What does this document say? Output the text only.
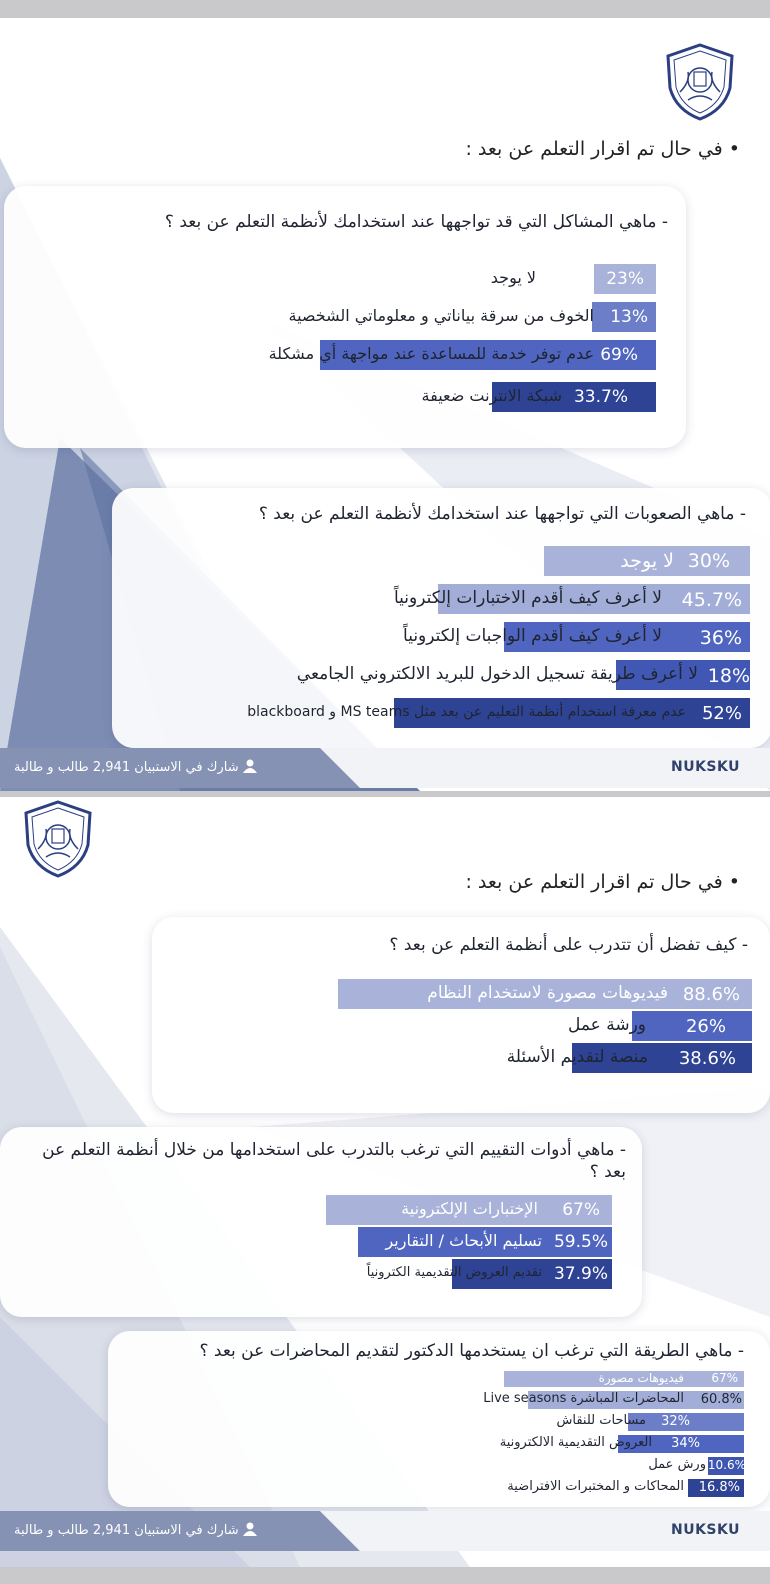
• في حال تم اقرار التعلم عن بعد :
- ماهي المشاكل التي قد تواجهها عند استخدامك لأنظمة التعلم عن بعد ؟
23%
لا يوجد
13%
الخوف من سرقة بياناتي و معلوماتي الشخصية
69%
عدم توفر خدمة للمساعدة عند مواجهة أي مشكلة
33.7%
شبكة الانترنت ضعيفة
- ماهي الصعوبات التي تواجهها عند استخدامك لأنظمة التعلم عن بعد ؟
30%
لا يوجد
45.7%
لا أعرف كيف أقدم الاختبارات إلكترونياً
36%
لا أعرف كيف أقدم الواجبات إلكترونياً
18%
لا أعرف طريقة تسجيل الدخول للبريد الالكتروني الجامعي
52%
عدم معرفة استخدام أنظمة التعليم عن بعد مثل MS teams و blackboard
شارك في الاستبيان 2,941 طالب و طالبة	NUKSKU
• في حال تم اقرار التعلم عن بعد :
- كيف تفضل أن تتدرب على أنظمة التعلم عن بعد ؟
88.6%
فيديوهات مصورة لاستخدام النظام
26%
ورشة عمل
38.6%
منصة لتقديم الأسئلة
- ماهي أدوات التقييم التي ترغب بالتدرب على استخدامها من خلال أنظمة التعلم عن بعد ؟
67%
الإختبارات الإلكترونية
59.5%
تسليم الأبحاث / التقارير
37.9%
تقديم العروض التقديمية الكترونياً
- ماهي الطريقة التي ترغب ان يستخدمها الدكتور لتقديم المحاضرات عن بعد ؟
67%
فيديوهات مصورة
60.8%
المحاضرات المباشرة Live seasons
32%
مساحات للنقاش
34%
العروض التقديمية الالكترونية
10.6%
ورش عمل
16.8%
المحاكات و المختبرات الافتراضية
شارك في الاستبيان 2,941 طالب و طالبة	NUKSKU
